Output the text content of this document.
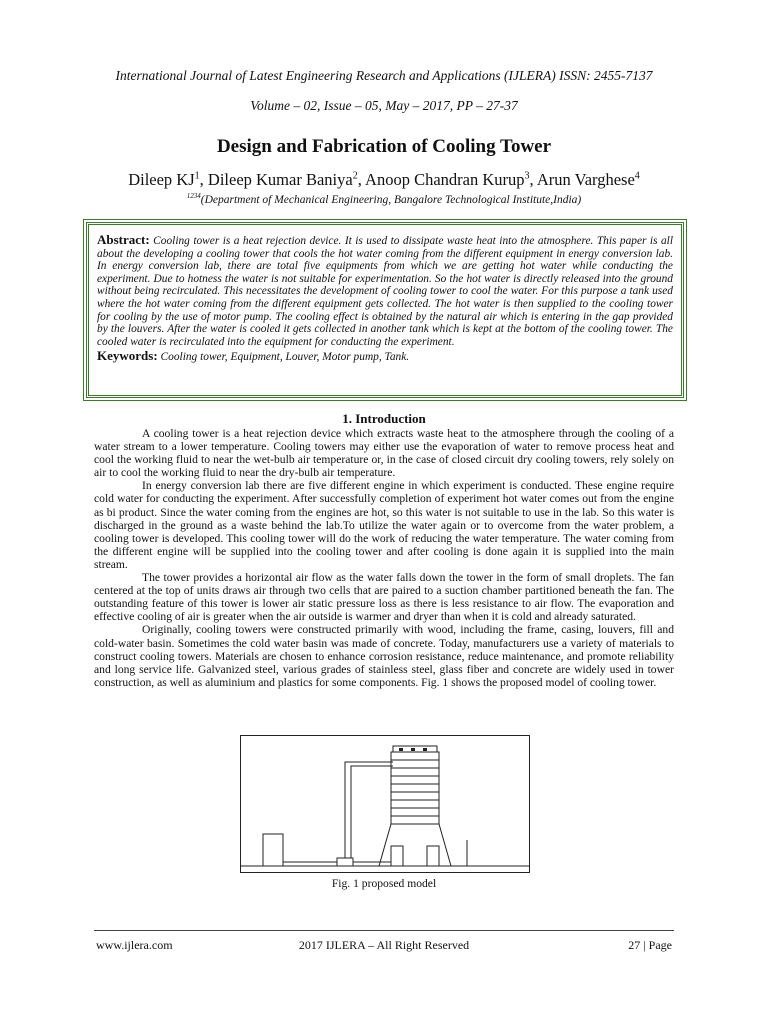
International Journal of Latest Engineering Research and Applications (IJLERA) ISSN: 2455-7137
Volume – 02, Issue – 05, May – 2017, PP – 27-37
Design and Fabrication of Cooling Tower
Dileep $KJ^1$, Dileep Kumar Baniya$^2$, Anoop Chandran Kurup$^3$, Arun Varghese$^4$
$^{1234}$(Department of Mechanical Engineering, Bangalore Technological Institute,India)
Abstract: Cooling tower is a heat rejection device. It is used to dissipate waste heat into the atmosphere. This paper is all about the developing a cooling tower that cools the hot water coming from the different equipment in energy conversion lab. In energy conversion lab, there are total five equipments from which we are getting hot water while conducting the experiment. Due to hotness the water is not suitable for experimentation. So the hot water is directly released into the ground without being recirculated. This necessitates the development of cooling tower to cool the water. For this purpose a tank used where the hot water coming from the different equipment gets collected. The hot water is then supplied to the cooling tower for cooling by the use of motor pump. The cooling effect is obtained by the natural air which is entering in the gap provided by the louvers. After the water is cooled it gets collected in another tank which is kept at the bottom of the cooling tower. The cooled water is recirculated into the equipment for conducting the experiment.
Keywords: Cooling tower, Equipment, Louver, Motor pump, Tank.
1. Introduction

A cooling tower is a heat rejection device which extracts waste heat to the atmosphere through the cooling of a water stream to a lower temperature. Cooling towers may either use the evaporation of water to remove process heat and cool the working fluid to near the wet-bulb air temperature or, in the case of closed circuit dry cooling towers, rely solely on air to cool the working fluid to near the dry-bulb air temperature.

In energy conversion lab there are five different engine in which experiment is conducted. These engine require cold water for conducting the experiment. After successfully completion of experiment hot water comes out from the engine as bi product. Since the water coming from the engines are hot, so this water is not suitable to use in the lab. So this water is discharged in the ground as a waste behind the lab.To utilize the water again or to overcome from the water problem, a cooling tower is developed. This cooling tower will do the work of reducing the water temperature. The water coming from the different engine will be supplied into the cooling tower and after cooling is done again it is supplied into the main stream.

The tower provides a horizontal air flow as the water falls down the tower in the form of small droplets. The fan centered at the top of units draws air through two cells that are paired to a suction chamber partitioned beneath the fan. The outstanding feature of this tower is lower air static pressure loss as there is less resistance to air flow. The evaporation and effective cooling of air is greater when the air outside is warmer and dryer than when it is cold and already saturated.

Originally, cooling towers were constructed primarily with wood, including the frame, casing, louvers, fill and cold-water basin. Sometimes the cold water basin was made of concrete. Today, manufacturers use a variety of materials to construct cooling towers. Materials are chosen to enhance corrosion resistance, reduce maintenance, and promote reliability and long service life. Galvanized steel, various grades of stainless steel, glass fiber and concrete are widely used in tower construction, as well as aluminium and plastics for some components. Fig. 1 shows the proposed model of cooling tower.

Fig. 1 proposed model
www.ijlera.com	2017 IJLERA – All Right Reserved	27 | Page
